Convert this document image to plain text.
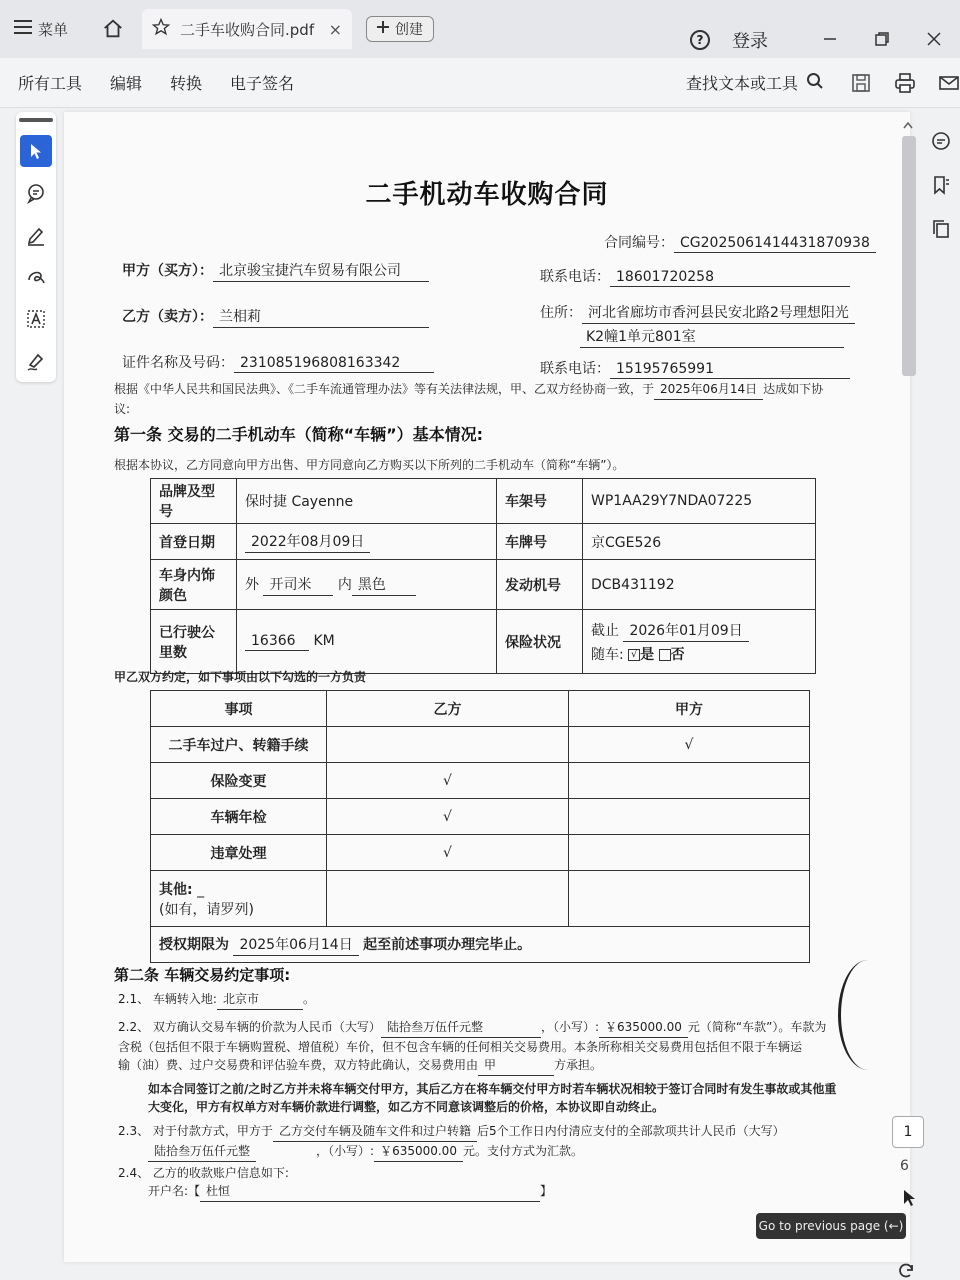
菜单	二手车收购合同.pdf ×	创建
?	登录
所有工具 编辑 转换 电子签名	查找文本或工具
二手机动车收购合同
合同编号： CG2025061414431870938
甲方（买方）： 北京骏宝捷汽车贸易有限公司	联系电话： 18601720258
乙方（卖方）： 兰相莉	住所： 河北省廊坊市香河县民安北路2号理想阳光
K2幢1单元801室
证件名称及号码： 231085196808163342	联系电话： 15195765991
根据《中华人民共和国民法典》、《二手车流通管理办法》等有关法律法规，甲、乙双方经协商一致，于 2025年06月14日 达成如下协
议:
第一条 交易的二手机动车（简称“车辆”）基本情况:
根据本协议，乙方同意向甲方出售、甲方同意向乙方购买以下所列的二手机动车（简称“车辆”）。
品牌及型号	保时捷 Cayenne	车架号	WP1AA29Y7NDA07225
首登日期	2022年08月09日	车牌号	京CGE526
车身内饰颜色	外 开司米 内 黑色	发动机号	DCB431192
已行驶公里数	16366 KM	保险状况	截止 2026年01月09日
随车: √ 是 否
甲乙双方约定，如下事项由以下勾选的一方负责
事项	乙方	甲方
二手车过户、转籍手续		√
保险变更	√	
车辆年检	√	
违章处理	√	
其他: _
(如有，请罗列)		
授权期限为 2025年06月14日 起至前述事项办理完毕止。		
第二条 车辆交易约定事项:
2.1、 车辆转入地: 北京市	。
2.2、 双方确认交易车辆的价款为人民币（大写） 陆拾叁万伍仟元整	，（小写）: ￥635000.00 元（简称“车款”）。车款为
含税（包括但不限于车辆购置税、增值税）车价，但不包含车辆的任何相关交易费用。本条所称相关交易费用包括但不限于车辆运
输（油）费、过户交易费和评估验车费，双方特此确认，交易费用由 甲	方承担。
如本合同签订之前/之时乙方并未将车辆交付甲方，其后乙方在将车辆交付甲方时若车辆状况相较于签订合同时有发生事故或其他重
大变化，甲方有权单方对车辆价款进行调整，如乙方不同意该调整后的价格，本协议即自动终止。
2.3、 对于付款方式，甲方于 乙方交付车辆及随车文件和过户转籍 后5个工作日内付清应支付的全部款项共计人民币（大写）
陆拾叁万伍仟元整	，（小写）: ￥635000.00 元。支付方式为汇款。
2.4、 乙方的收款账户信息如下:
开户名:【 杜恒	】
1
6
Go to previous page (←)
